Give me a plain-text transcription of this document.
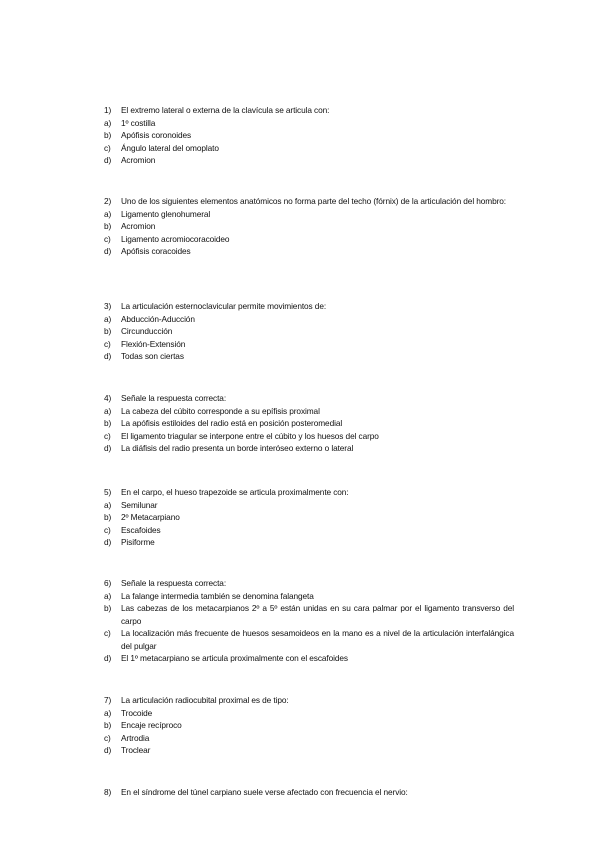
1)	El extremo lateral o externa de la clavícula se articula con:
a)	1º costilla
b)	Apófisis coronoides
c)	Ángulo lateral del omoplato
d)	Acromion
2)	Uno de los siguientes elementos anatómicos no forma parte del techo (fórnix) de la articulación del hombro:
a)	Ligamento glenohumeral
b)	Acromion
c)	Ligamento acromiocoracoideo
d)	Apófisis coracoides
3)	La articulación esternoclavicular permite movimientos de:
a)	Abducción-Aducción
b)	Circunducción
c)	Flexión-Extensión
d)	Todas son ciertas
4)	Señale la respuesta correcta:
a)	La cabeza del cúbito corresponde a su epífisis proximal
b)	La apófisis estiloides del radio está en posición posteromedial
c)	El ligamento triagular se interpone entre el cúbito y los huesos del carpo
d)	La diáfisis del radio presenta un borde interóseo externo o lateral
5)	En el carpo, el hueso trapezoide se articula proximalmente con:
a)	Semilunar
b)	2º Metacarpiano
c)	Escafoides
d)	Pisiforme
6)	Señale la respuesta correcta:
a)	La falange intermedia también se denomina falangeta
b)	Las cabezas de los metacarpianos 2º a 5º están unidas en su cara palmar por el ligamento transverso del carpo
c)	La localización más frecuente de huesos sesamoideos en la mano es a nivel de la articulación interfalángica del pulgar
d)	El 1º metacarpiano se articula proximalmente con el escafoides
7)	La articulación radiocubital proximal es de tipo:
a)	Trocoide
b)	Encaje recíproco
c)	Artrodia
d)	Troclear
8)	En el síndrome del túnel carpiano suele verse afectado con frecuencia el nervio:
